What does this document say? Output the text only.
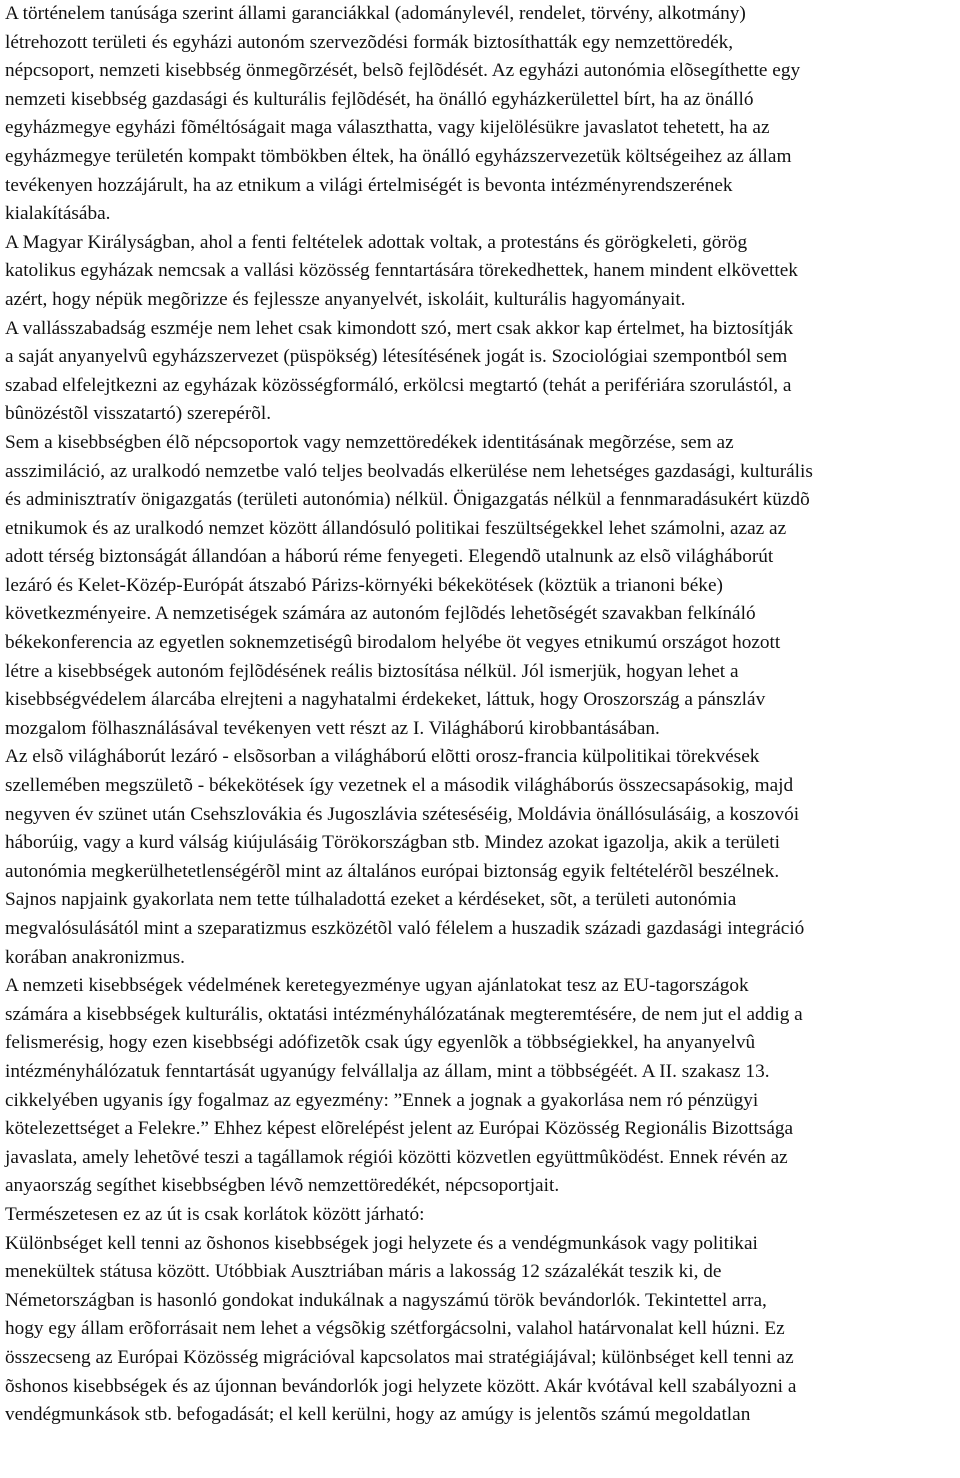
A történelem tanúsága szerint állami garanciákkal (adománylevél, rendelet, törvény, alkotmány)
létrehozott területi és egyházi autonóm szervezõdési formák biztosíthatták egy nemzettöredék,
népcsoport, nemzeti kisebbség önmegõrzését, belsõ fejlõdését. Az egyházi autonómia elõsegíthette egy
nemzeti kisebbség gazdasági és kulturális fejlõdését, ha önálló egyházkerülettel bírt, ha az önálló
egyházmegye egyházi fõméltóságait maga választhatta, vagy kijelölésükre javaslatot tehetett, ha az
egyházmegye területén kompakt tömbökben éltek, ha önálló egyházszervezetük költségeihez az állam
tevékenyen hozzájárult, ha az etnikum a világi értelmiségét is bevonta intézményrendszerének
kialakításába.
A Magyar Királyságban, ahol a fenti feltételek adottak voltak, a protestáns és görögkeleti, görög
katolikus egyházak nemcsak a vallási közösség fenntartására törekedhettek, hanem mindent elkövettek
azért, hogy népük megõrizze és fejlessze anyanyelvét, iskoláit, kulturális hagyományait.
A vallásszabadság eszméje nem lehet csak kimondott szó, mert csak akkor kap értelmet, ha biztosítják
a saját anyanyelvû egyházszervezet (püspökség) létesítésének jogát is. Szociológiai szempontból sem
szabad elfelejtkezni az egyházak közösségformáló, erkölcsi megtartó (tehát a perifériára szorulástól, a
bûnözéstõl visszatartó) szerepérõl.
Sem a kisebbségben élõ népcsoportok vagy nemzettöredékek identitásának megõrzése, sem az
asszimiláció, az uralkodó nemzetbe való teljes beolvadás elkerülése nem lehetséges gazdasági, kulturális
és adminisztratív önigazgatás (területi autonómia) nélkül. Önigazgatás nélkül a fennmaradásukért küzdõ
etnikumok és az uralkodó nemzet között állandósuló politikai feszültségekkel lehet számolni, azaz az
adott térség biztonságát állandóan a háború réme fenyegeti. Elegendõ utalnunk az elsõ világháborút
lezáró és Kelet-Közép-Európát átszabó Párizs-környéki békekötések (köztük a trianoni béke)
következményeire. A nemzetiségek számára az autonóm fejlõdés lehetõségét szavakban felkínáló
békekonferencia az egyetlen soknemzetiségû birodalom helyébe öt vegyes etnikumú országot hozott
létre a kisebbségek autonóm fejlõdésének reális biztosítása nélkül. Jól ismerjük, hogyan lehet a
kisebbségvédelem álarcába elrejteni a nagyhatalmi érdekeket, láttuk, hogy Oroszország a pánszláv
mozgalom fölhasználásával tevékenyen vett részt az I. Világháború kirobbantásában.
Az elsõ világháborút lezáró - elsõsorban a világháború elõtti orosz-francia külpolitikai törekvések
szellemében megszületõ - békekötések így vezetnek el a második világháborús összecsapásokig, majd
negyven év szünet után Csehszlovákia és Jugoszlávia széteséséig, Moldávia önállósulásáig, a koszovói
háborúig, vagy a kurd válság kiújulásáig Törökországban stb. Mindez azokat igazolja, akik a területi
autonómia megkerülhetetlenségérõl mint az általános európai biztonság egyik feltételérõl beszélnek.
Sajnos napjaink gyakorlata nem tette túlhaladottá ezeket a kérdéseket, sõt, a területi autonómia
megvalósulásától mint a szeparatizmus eszközétõl való félelem a huszadik századi gazdasági integráció
korában anakronizmus.
A nemzeti kisebbségek védelmének keretegyezménye ugyan ajánlatokat tesz az EU-tagországok
számára a kisebbségek kulturális, oktatási intézményhálózatának megteremtésére, de nem jut el addig a
felismerésig, hogy ezen kisebbségi adófizetõk csak úgy egyenlõk a többségiekkel, ha anyanyelvû
intézményhálózatuk fenntartását ugyanúgy felvállalja az állam, mint a többségéét. A II. szakasz 13.
cikkelyében ugyanis így fogalmaz az egyezmény: ”Ennek a jognak a gyakorlása nem ró pénzügyi
kötelezettséget a Felekre.” Ehhez képest elõrelépést jelent az Európai Közösség Regionális Bizottsága
javaslata, amely lehetõvé teszi a tagállamok régiói közötti közvetlen együttmûködést. Ennek révén az
anyaország segíthet kisebbségben lévõ nemzettöredékét, népcsoportjait.
Természetesen ez az út is csak korlátok között járható:
Különbséget kell tenni az õshonos kisebbségek jogi helyzete és a vendégmunkások vagy politikai
menekültek státusa között. Utóbbiak Ausztriában máris a lakosság 12 százalékát teszik ki, de
Németországban is hasonló gondokat indukálnak a nagyszámú török bevándorlók. Tekintettel arra,
hogy egy állam erõforrásait nem lehet a végsõkig szétforgácsolni, valahol határvonalat kell húzni. Ez
összecseng az Európai Közösség migrációval kapcsolatos mai stratégiájával; különbséget kell tenni az
õshonos kisebbségek és az újonnan bevándorlók jogi helyzete között. Akár kvótával kell szabályozni a
vendégmunkások stb. befogadását; el kell kerülni, hogy az amúgy is jelentõs számú megoldatlan
